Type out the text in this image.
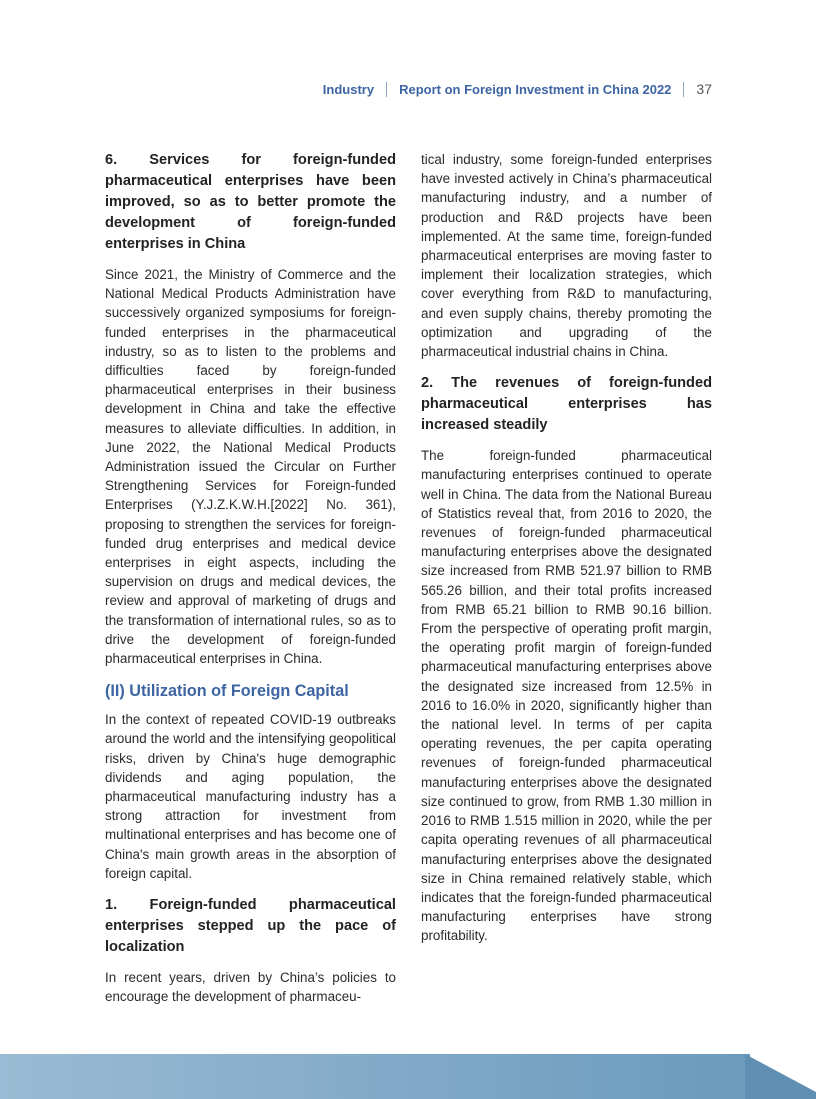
Industry Report on Foreign Investment in China 2022 37
6. Services for foreign-funded pharmaceutical enterprises have been improved, so as to better promote the development of foreign-funded enterprises in China

Since 2021, the Ministry of Commerce and the National Medical Products Administration have successively organized symposiums for foreign-funded enterprises in the pharmaceutical industry, so as to listen to the problems and difficulties faced by foreign-funded pharmaceutical enterprises in their business development in China and take the effective measures to alleviate difficulties. In addition, in June 2022, the National Medical Products Administration issued the Circular on Further Strengthening Services for Foreign-funded Enterprises (Y.J.Z.K.W.H.[2022] No. 361), proposing to strengthen the services for foreign-funded drug enterprises and medical device enterprises in eight aspects, including the supervision on drugs and medical devices, the review and approval of marketing of drugs and the transformation of international rules, so as to drive the development of foreign-funded pharmaceutical enterprises in China.

(II) Utilization of Foreign Capital

In the context of repeated COVID-19 outbreaks around the world and the intensifying geopolitical risks, driven by China's huge demographic dividends and aging population, the pharmaceutical manufacturing industry has a strong attraction for investment from multinational enterprises and has become one of China's main growth areas in the absorption of foreign capital.

1. Foreign-funded pharmaceutical enterprises stepped up the pace of localization

In recent years, driven by China’s policies to encourage the development of pharmaceu-

tical industry, some foreign-funded enterprises have invested actively in China’s pharmaceutical manufacturing industry, and a number of production and R&D projects have been implemented. At the same time, foreign-funded pharmaceutical enterprises are moving faster to implement their localization strategies, which cover everything from R&D to manufacturing, and even supply chains, thereby promoting the optimization and upgrading of the pharmaceutical industrial chains in China.

2. The revenues of foreign-funded pharmaceutical enterprises has increased steadily

The foreign-funded pharmaceutical manufacturing enterprises continued to operate well in China. The data from the National Bureau of Statistics reveal that, from 2016 to 2020, the revenues of foreign-funded pharmaceutical manufacturing enterprises above the designated size increased from RMB 521.97 billion to RMB 565.26 billion, and their total profits increased from RMB 65.21 billion to RMB 90.16 billion. From the perspective of operating profit margin, the operating profit margin of foreign-funded pharmaceutical manufacturing enterprises above the designated size increased from 12.5% in 2016 to 16.0% in 2020, significantly higher than the national level. In terms of per capita operating revenues, the per capita operating revenues of foreign-funded pharmaceutical manufacturing enterprises above the designated size continued to grow, from RMB 1.30 million in 2016 to RMB 1.515 million in 2020, while the per capita operating revenues of all pharmaceutical manufacturing enterprises above the designated size in China remained relatively stable, which indicates that the foreign-funded pharmaceutical manufacturing enterprises have strong profitability.
